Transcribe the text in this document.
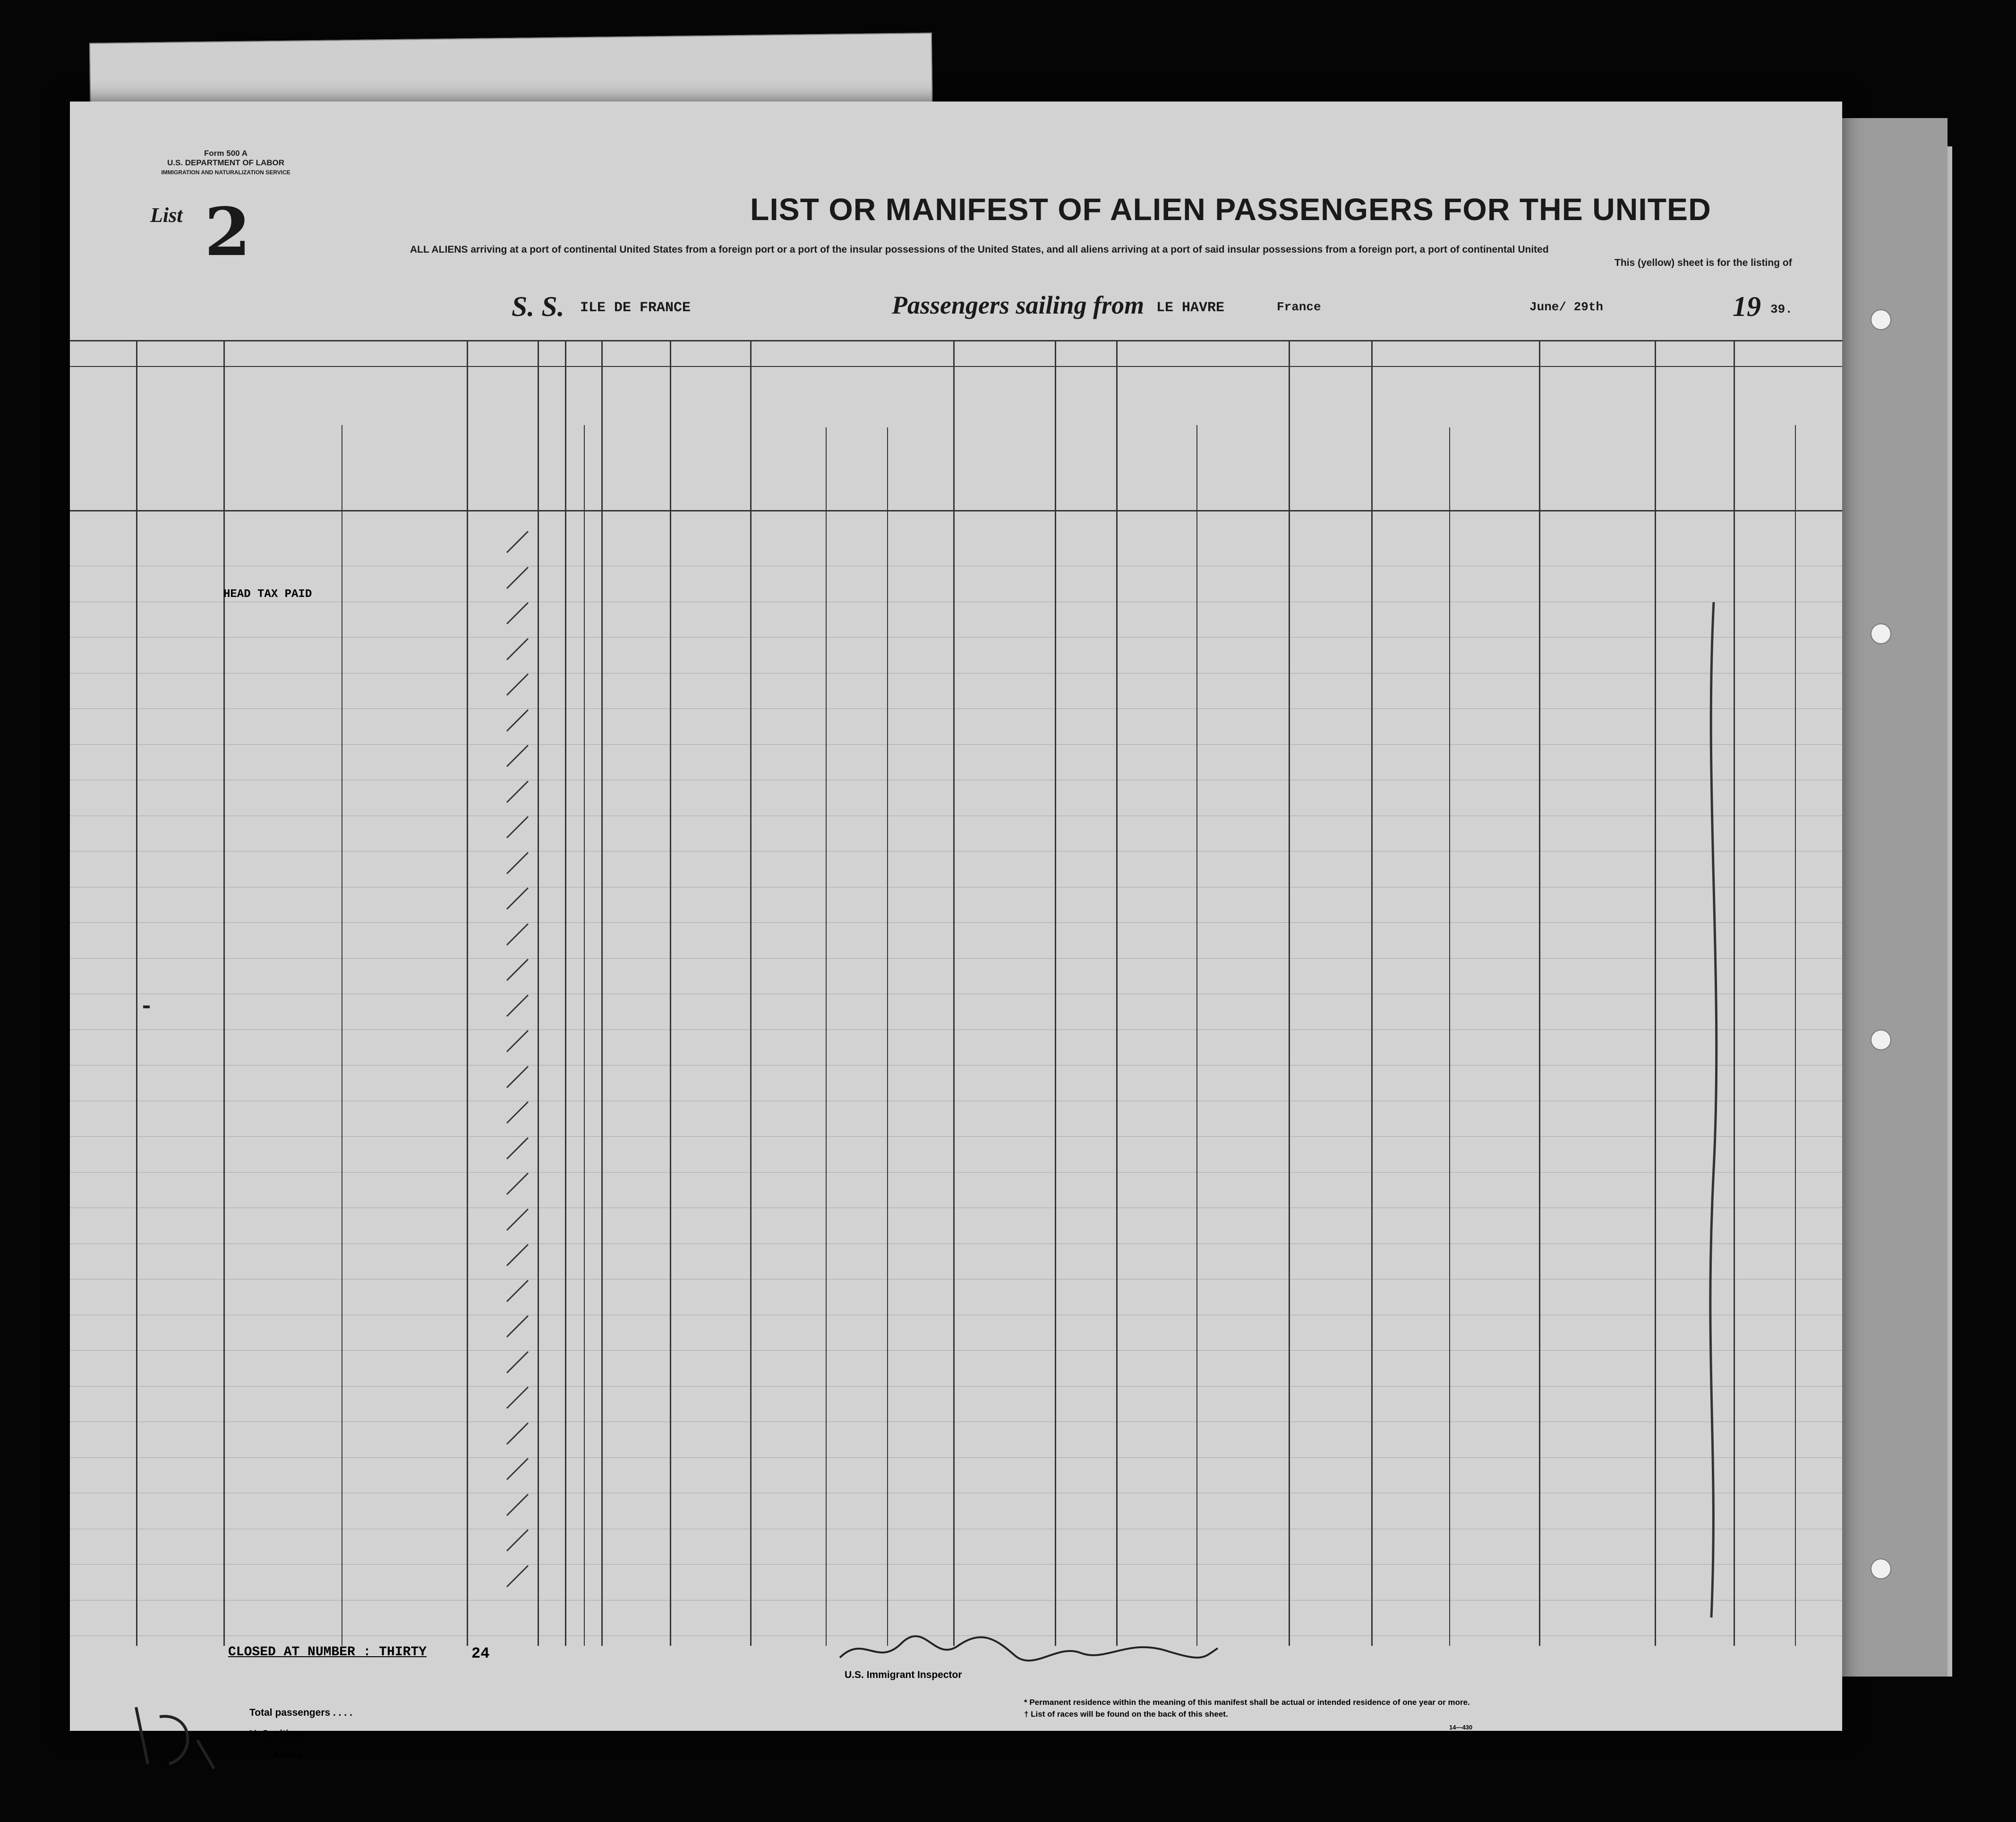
Form 500 A
U.S. DEPARTMENT OF LABOR
IMMIGRATION AND NATURALIZATION SERVICE
List 2	LIST OR MANIFEST OF ALIEN PASSENGERS FOR THE UNITED
ALL ALIENS arriving at a port of continental United States from a foreign port or a port of the insular possessions of the United States, and all aliens arriving at a port of said insular possessions from a foreign port, a port of continental United
This (yellow) sheet is for the listing of
S. S. ILE DE FRANCE	Passengers sailing from LE HAVRE	France	June/ 29th	19 39.
HEAD TAX PAID
CLOSED AT NUMBER : THIRTY	24
U.S. Immigrant Inspector
Total passengers . . . .
U. S. citizens . . . .
Aliens . . . .
* Permanent residence within the meaning of this manifest shall be actual or intended residence of one year or more.
† List of races will be found on the back of this sheet.
14—430
